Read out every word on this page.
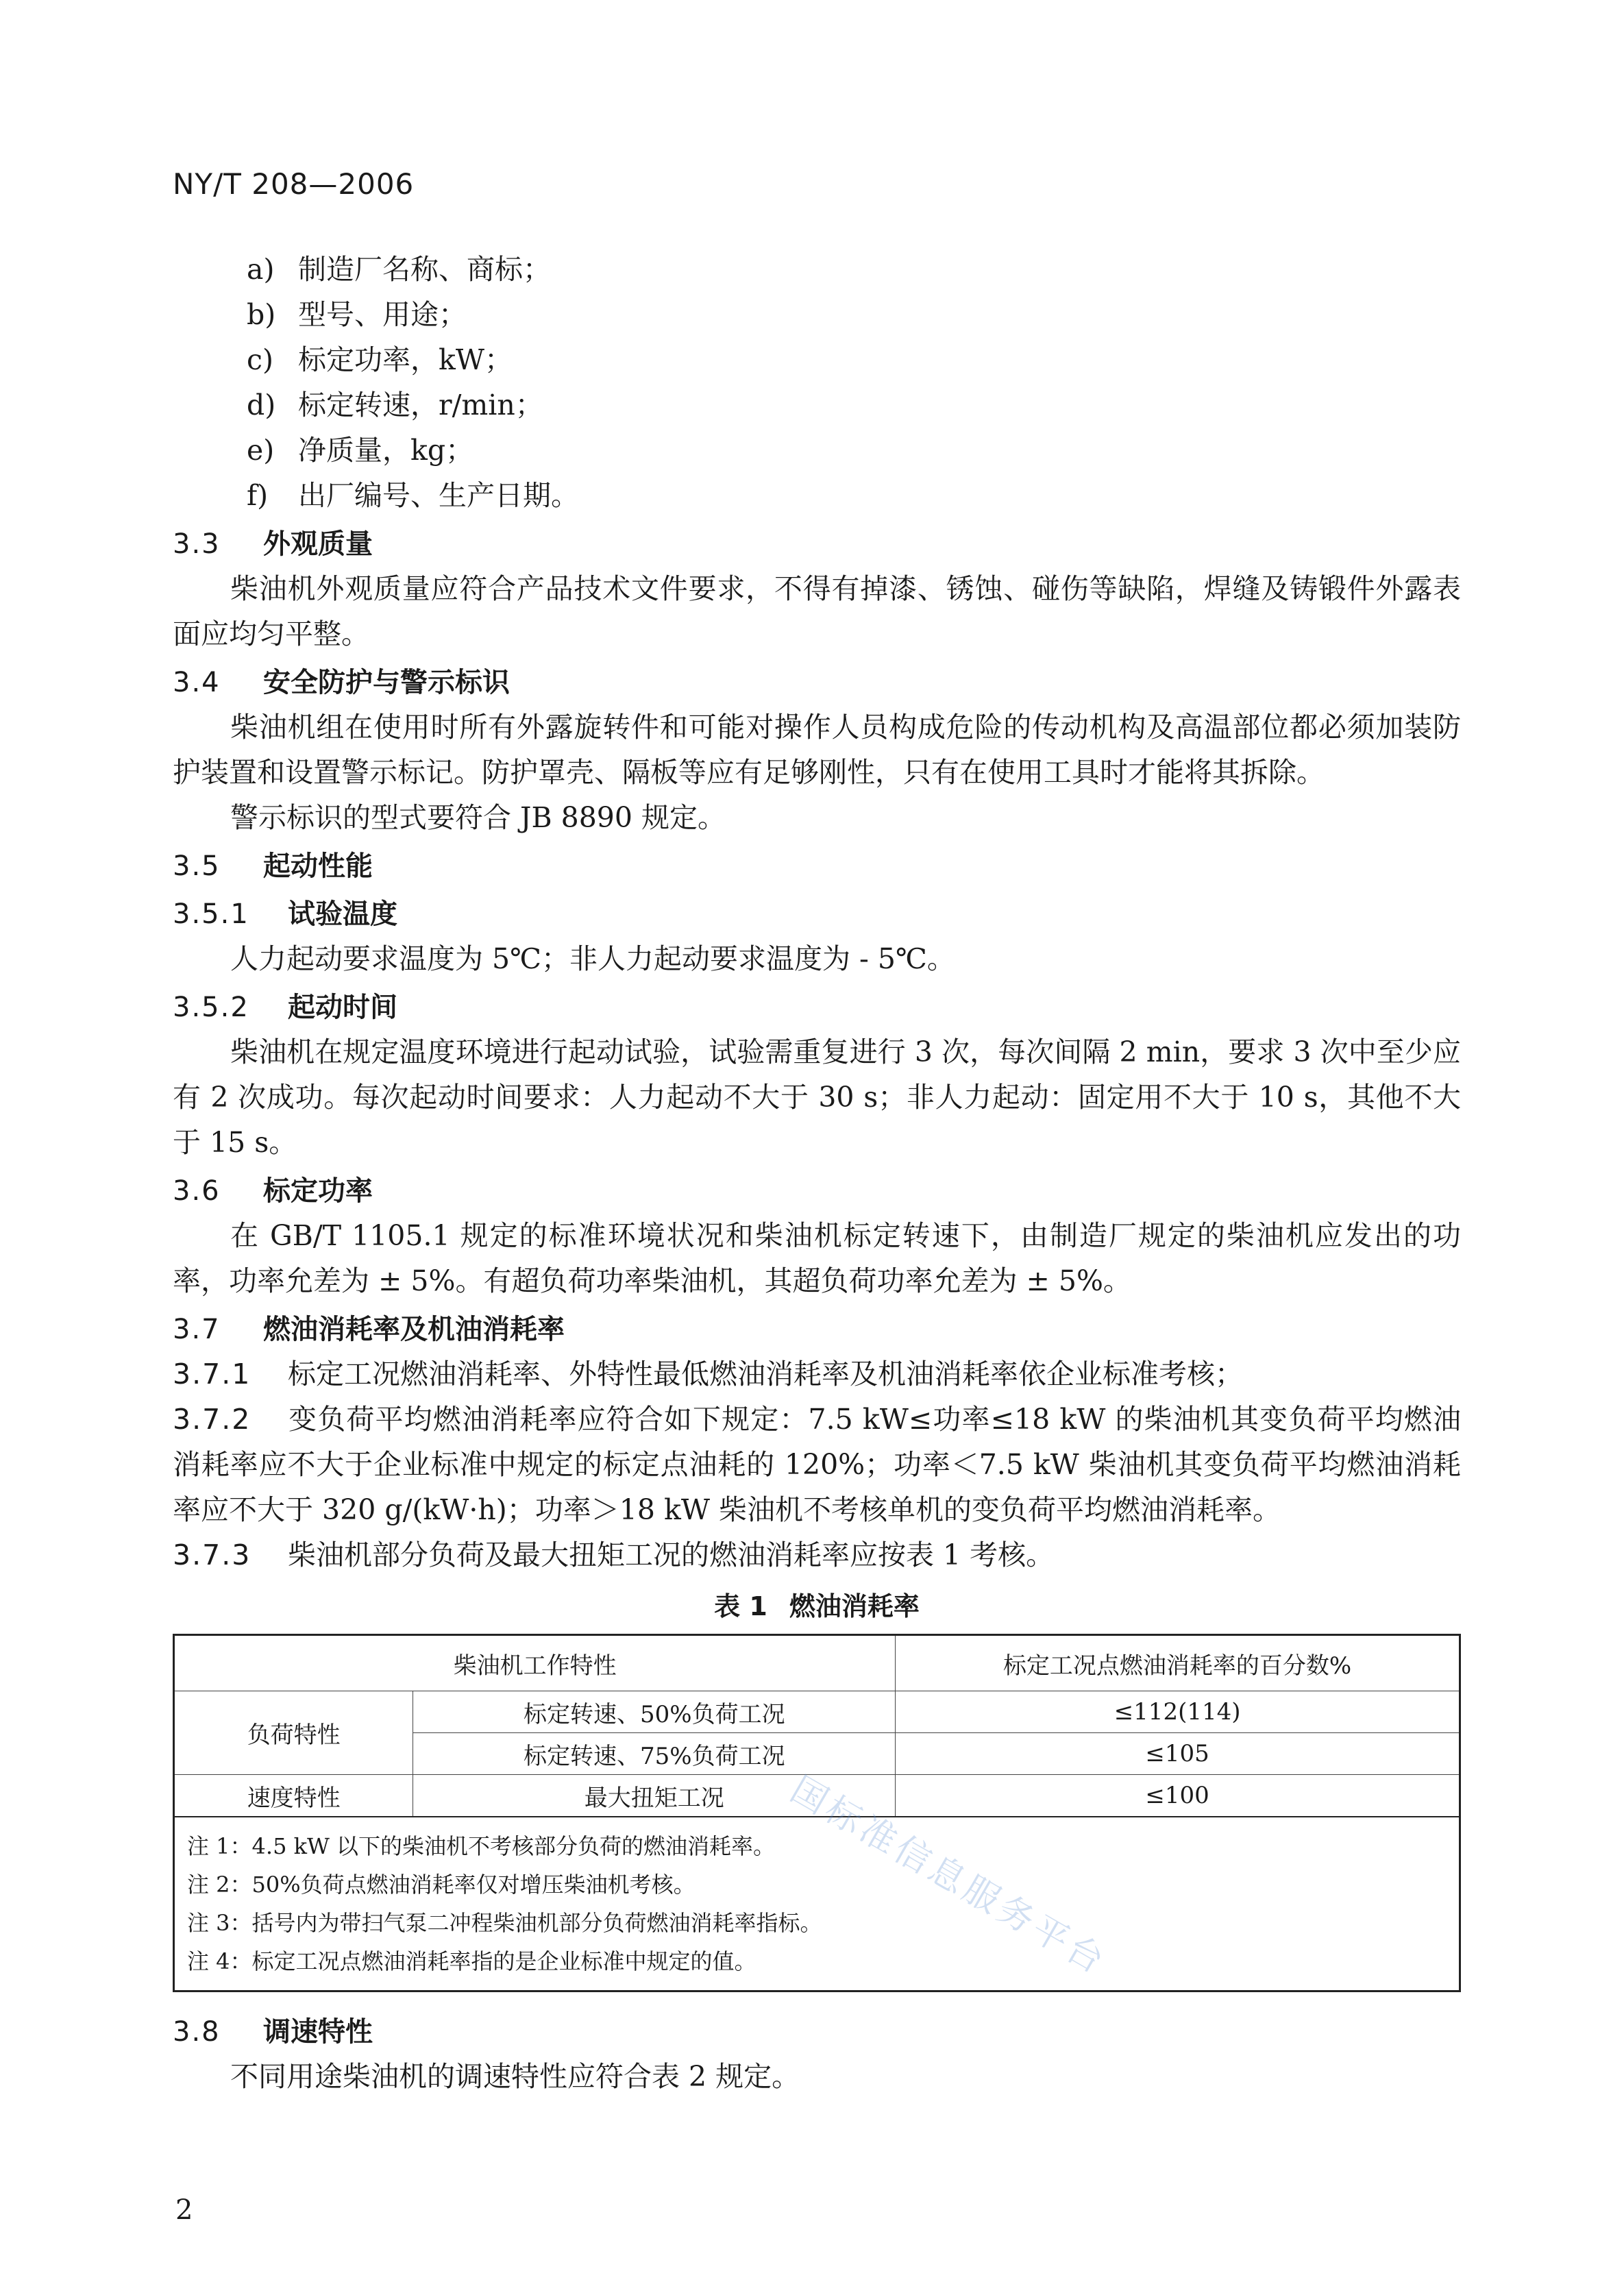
NY/T 208—2006
a) 制造厂名称、商标；
b) 型号、用途；
c) 标定功率，kW；
d) 标定转速，r/min；
e) 净质量，kg；
f) 出厂编号、生产日期。
3.3 外观质量
柴油机外观质量应符合产品技术文件要求，不得有掉漆、锈蚀、碰伤等缺陷，焊缝及铸锻件外露表面应均匀平整。
3.4 安全防护与警示标识
柴油机组在使用时所有外露旋转件和可能对操作人员构成危险的传动机构及高温部位都必须加装防护装置和设置警示标记。防护罩壳、隔板等应有足够刚性，只有在使用工具时才能将其拆除。
警示标识的型式要符合 JB 8890 规定。
3.5 起动性能
3.5.1 试验温度
人力起动要求温度为 5℃；非人力起动要求温度为 - 5℃。
3.5.2 起动时间
柴油机在规定温度环境进行起动试验，试验需重复进行 3 次，每次间隔 2 min，要求 3 次中至少应有 2 次成功。每次起动时间要求：人力起动不大于 30 s；非人力起动：固定用不大于 10 s，其他不大于 15 s。
3.6 标定功率
在 GB/T 1105.1 规定的标准环境状况和柴油机标定转速下，由制造厂规定的柴油机应发出的功率，功率允差为 ± 5%。有超负荷功率柴油机，其超负荷功率允差为 ± 5%。
3.7 燃油消耗率及机油消耗率
3.7.1 标定工况燃油消耗率、外特性最低燃油消耗率及机油消耗率依企业标准考核；
3.7.2 变负荷平均燃油消耗率应符合如下规定：7.5 kW≤功率≤18 kW 的柴油机其变负荷平均燃油消耗率应不大于企业标准中规定的标定点油耗的 120%；功率＜7.5 kW 柴油机其变负荷平均燃油消耗率应不大于 320 g/(kW·h)；功率＞18 kW 柴油机不考核单机的变负荷平均燃油消耗率。
3.7.3 柴油机部分负荷及最大扭矩工况的燃油消耗率应按表 1 考核。
表 1 燃油消耗率
柴油机工作特性		标定工况点燃油消耗率的百分数%
负荷特性	标定转速、50%负荷工况	≤112(114)
	标定转速、75%负荷工况	≤105
速度特性	最大扭矩工况	≤100

注 1：4.5 kW 以下的柴油机不考核部分负荷的燃油消耗率。
注 2：50%负荷点燃油消耗率仅对增压柴油机考核。
注 3：括号内为带扫气泵二冲程柴油机部分负荷燃油消耗率指标。
注 4：标定工况点燃油消耗率指的是企业标准中规定的值。		
3.8 调速特性
不同用途柴油机的调速特性应符合表 2 规定。
国标准信息服务平台
2
